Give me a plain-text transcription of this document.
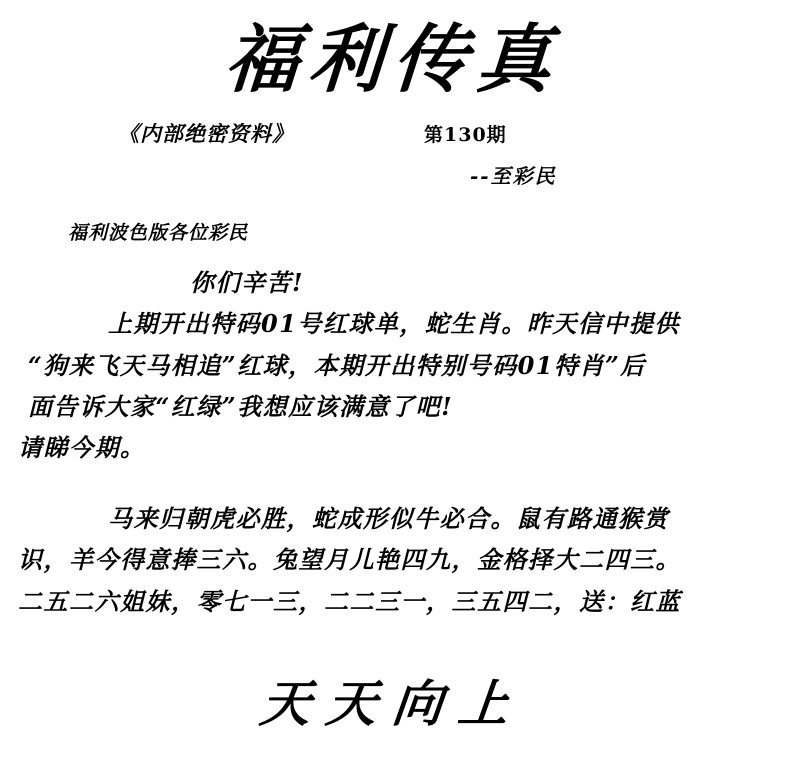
福利传真
《内部绝密资料》	第130期
--至彩民
福利波色版各位彩民
你们辛苦!
上期开出特码01号红球单，蛇生肖。昨天信中提供
“狗来飞天马相追”红球，本期开出特别号码01特肖”后
面告诉大家“红绿”我想应该满意了吧!
请睇今期。
马来归朝虎必胜，蛇成形似牛必合。鼠有路通猴赏
识，羊今得意捧三六。兔望月儿艳四九，金格择大二四三。
二五二六姐妹，零七一三，二二三一，三五四二，送：红蓝
天天向上
